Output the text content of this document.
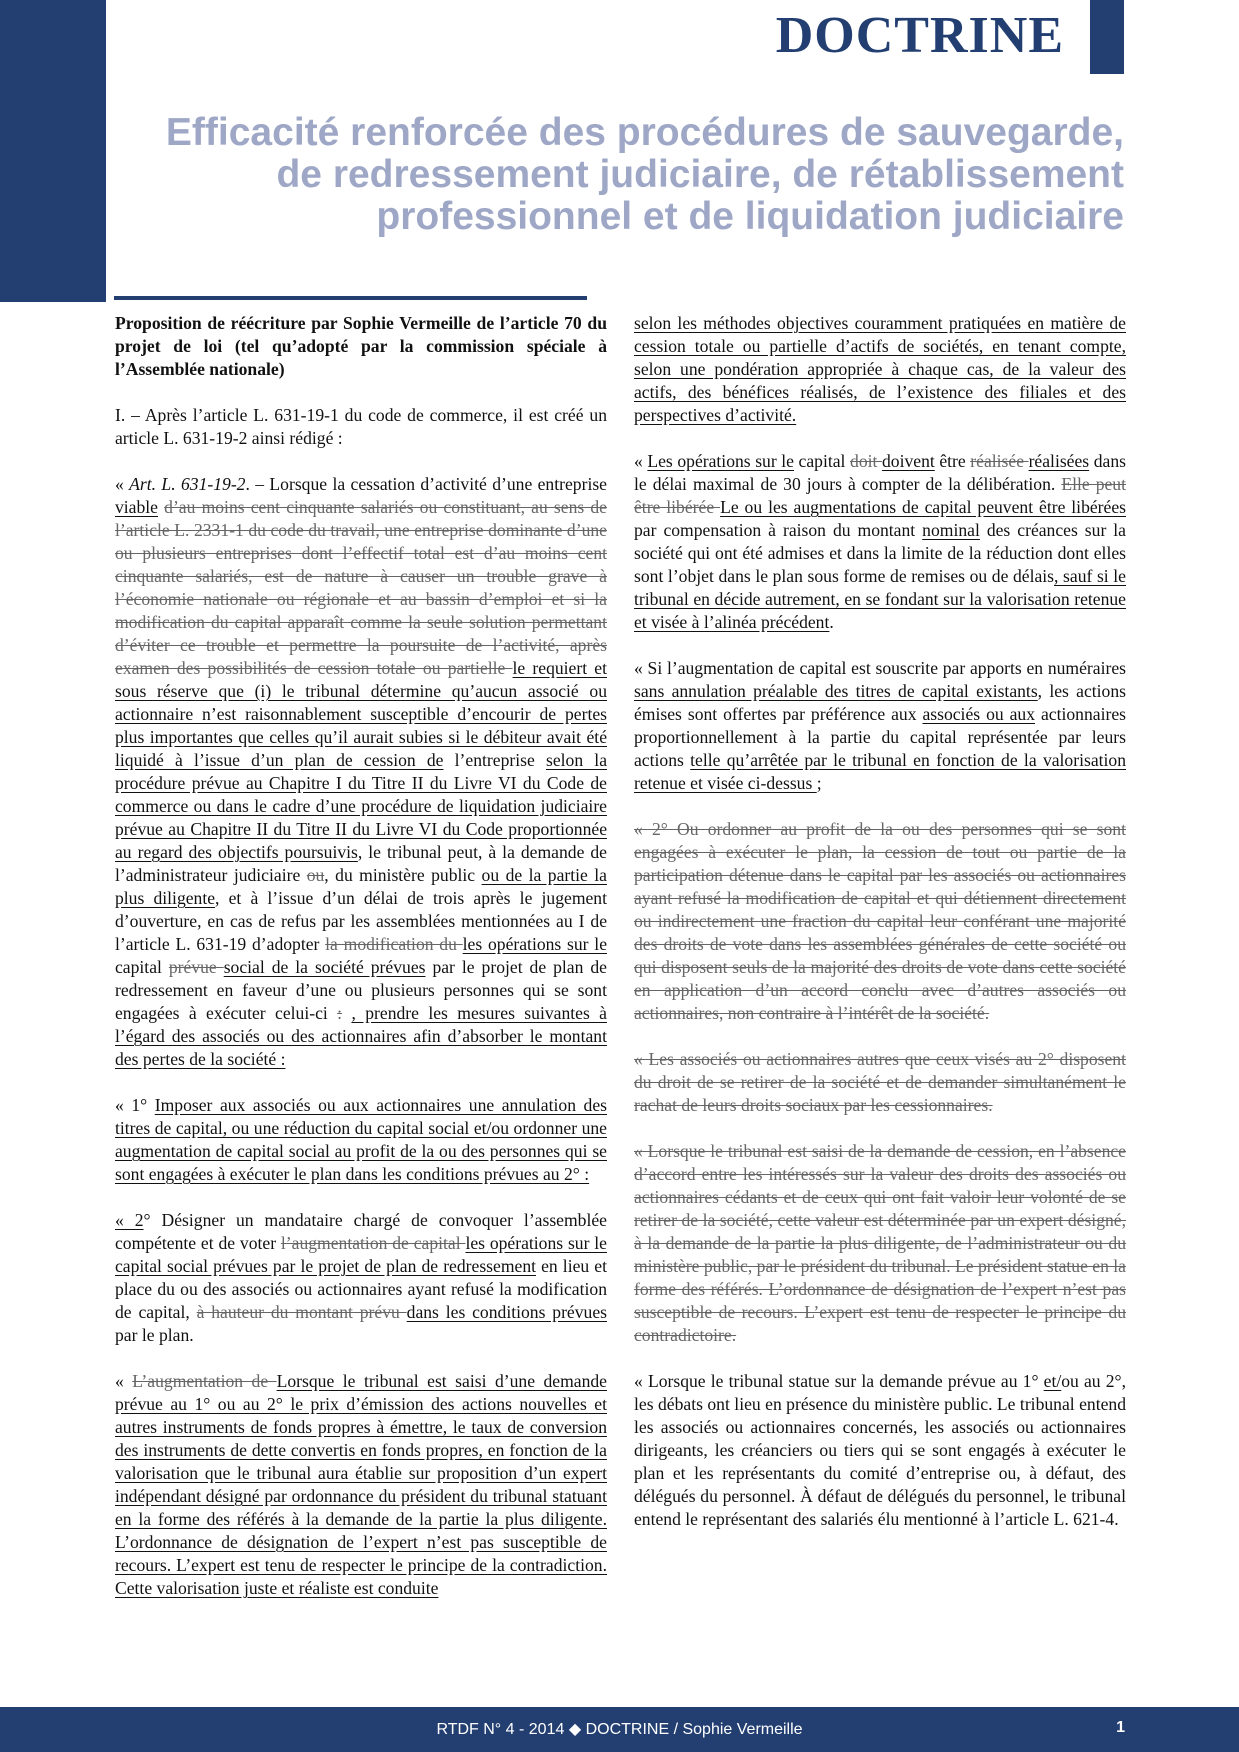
DOCTRINE
Efficacité renforcée des procédures de sauvegarde,
de redressement judiciaire, de rétablissement
professionnel et de liquidation judiciaire

Proposition de réécriture par Sophie Vermeille de l’article 70 du projet de loi (tel qu’adopté par la commission spéciale à l’Assemblée nationale)

I. – Après l’article L. 631-19-1 du code de commerce, il est créé un article L. 631-19-2 ainsi rédigé :

« Art. L. 631-19-2. – Lorsque la cessation d’activité d’une entreprise viable d’au moins cent cinquante salariés ou constituant, au sens de l’article L. 2331-1 du code du travail, une entreprise dominante d’une ou plusieurs entreprises dont l’effectif total est d’au moins cent cinquante salariés, est de nature à causer un trouble grave à l’économie nationale ou régionale et au bassin d’emploi et si la modification du capital apparaît comme la seule solution permettant d’éviter ce trouble et permettre la poursuite de l’activité, après examen des possibilités de cession totale ou partielle le requiert et sous réserve que (i) le tribunal détermine qu’aucun associé ou actionnaire n’est raisonnablement susceptible d’encourir de pertes plus importantes que celles qu’il aurait subies si le débiteur avait été liquidé à l’issue d’un plan de cession de l’entreprise selon la procédure prévue au Chapitre I du Titre II du Livre VI du Code de commerce ou dans le cadre d’une procédure de liquidation judiciaire prévue au Chapitre II du Titre II du Livre VI du Code proportionnée au regard des objectifs poursuivis, le tribunal peut, à la demande de l’administrateur judiciaire ou, du ministère public ou de la partie la plus diligente, et à l’issue d’un délai de trois après le jugement d’ouverture, en cas de refus par les assemblées mentionnées au I de l’article L. 631-19 d’adopter la modification du les opérations sur le capital prévue social de la société prévues par le projet de plan de redressement en faveur d’une ou plusieurs personnes qui se sont engagées à exécuter celui-ci : , prendre les mesures suivantes à l’égard des associés ou des actionnaires afin d’absorber le montant des pertes de la société :

« 1° Imposer aux associés ou aux actionnaires une annulation des titres de capital, ou une réduction du capital social et/ou ordonner une augmentation de capital social au profit de la ou des personnes qui se sont engagées à exécuter le plan dans les conditions prévues au 2° :

« 2° Désigner un mandataire chargé de convoquer l’assemblée compétente et de voter l’augmentation de capital les opérations sur le capital social prévues par le projet de plan de redressement en lieu et place du ou des associés ou actionnaires ayant refusé la modification de capital, à hauteur du montant prévu dans les conditions prévues par le plan.

« L’augmentation de Lorsque le tribunal est saisi d’une demande prévue au 1° ou au 2° le prix d’émission des actions nouvelles et autres instruments de fonds propres à émettre, le taux de conversion des instruments de dette convertis en fonds propres, en fonction de la valorisation que le tribunal aura établie sur proposition d’un expert indépendant désigné par ordonnance du président du tribunal statuant en la forme des référés à la demande de la partie la plus diligente. L’ordonnance de désignation de l’expert n’est pas susceptible de recours. L’expert est tenu de respecter le principe de la contradiction. Cette valorisation juste et réaliste est conduite

selon les méthodes objectives couramment pratiquées en matière de cession totale ou partielle d’actifs de sociétés, en tenant compte, selon une pondération appropriée à chaque cas, de la valeur des actifs, des bénéfices réalisés, de l’existence des filiales et des perspectives d’activité.

« Les opérations sur le capital doit doivent être réalisée réalisées dans le délai maximal de 30 jours à compter de la délibération. Elle peut être libérée Le ou les augmentations de capital peuvent être libérées par compensation à raison du montant nominal des créances sur la société qui ont été admises et dans la limite de la réduction dont elles sont l’objet dans le plan sous forme de remises ou de délais, sauf si le tribunal en décide autrement, en se fondant sur la valorisation retenue et visée à l’alinéa précédent.

« Si l’augmentation de capital est souscrite par apports en numéraires sans annulation préalable des titres de capital existants, les actions émises sont offertes par préférence aux associés ou aux actionnaires proportionnellement à la partie du capital représentée par leurs actions telle qu’arrêtée par le tribunal en fonction de la valorisation retenue et visée ci-dessus ;

« 2° Ou ordonner au profit de la ou des personnes qui se sont engagées à exécuter le plan, la cession de tout ou partie de la participation détenue dans le capital par les associés ou actionnaires ayant refusé la modification de capital et qui détiennent directement ou indirectement une fraction du capital leur conférant une majorité des droits de vote dans les assemblées générales de cette société ou qui disposent seuls de la majorité des droits de vote dans cette société en application d’un accord conclu avec d’autres associés ou actionnaires, non contraire à l’intérêt de la société.

« Les associés ou actionnaires autres que ceux visés au 2° disposent du droit de se retirer de la société et de demander simultanément le rachat de leurs droits sociaux par les cessionnaires.

« Lorsque le tribunal est saisi de la demande de cession, en l’absence d’accord entre les intéressés sur la valeur des droits des associés ou actionnaires cédants et de ceux qui ont fait valoir leur volonté de se retirer de la société, cette valeur est déterminée par un expert désigné, à la demande de la partie la plus diligente, de l’administrateur ou du ministère public, par le président du tribunal. Le président statue en la forme des référés. L’ordonnance de désignation de l’expert n’est pas susceptible de recours. L’expert est tenu de respecter le principe du contradictoire.

« Lorsque le tribunal statue sur la demande prévue au 1° et/ou au 2°, les débats ont lieu en présence du ministère public. Le tribunal entend les associés ou actionnaires concernés, les associés ou actionnaires dirigeants, les créanciers ou tiers qui se sont engagés à exécuter le plan et les représentants du comité d’entreprise ou, à défaut, des délégués du personnel. À défaut de délégués du personnel, le tribunal entend le représentant des salariés élu mentionné à l’article L. 621-4.

RTDF N° 4 - 2014 ◆ DOCTRINE / Sophie Vermeille	1
